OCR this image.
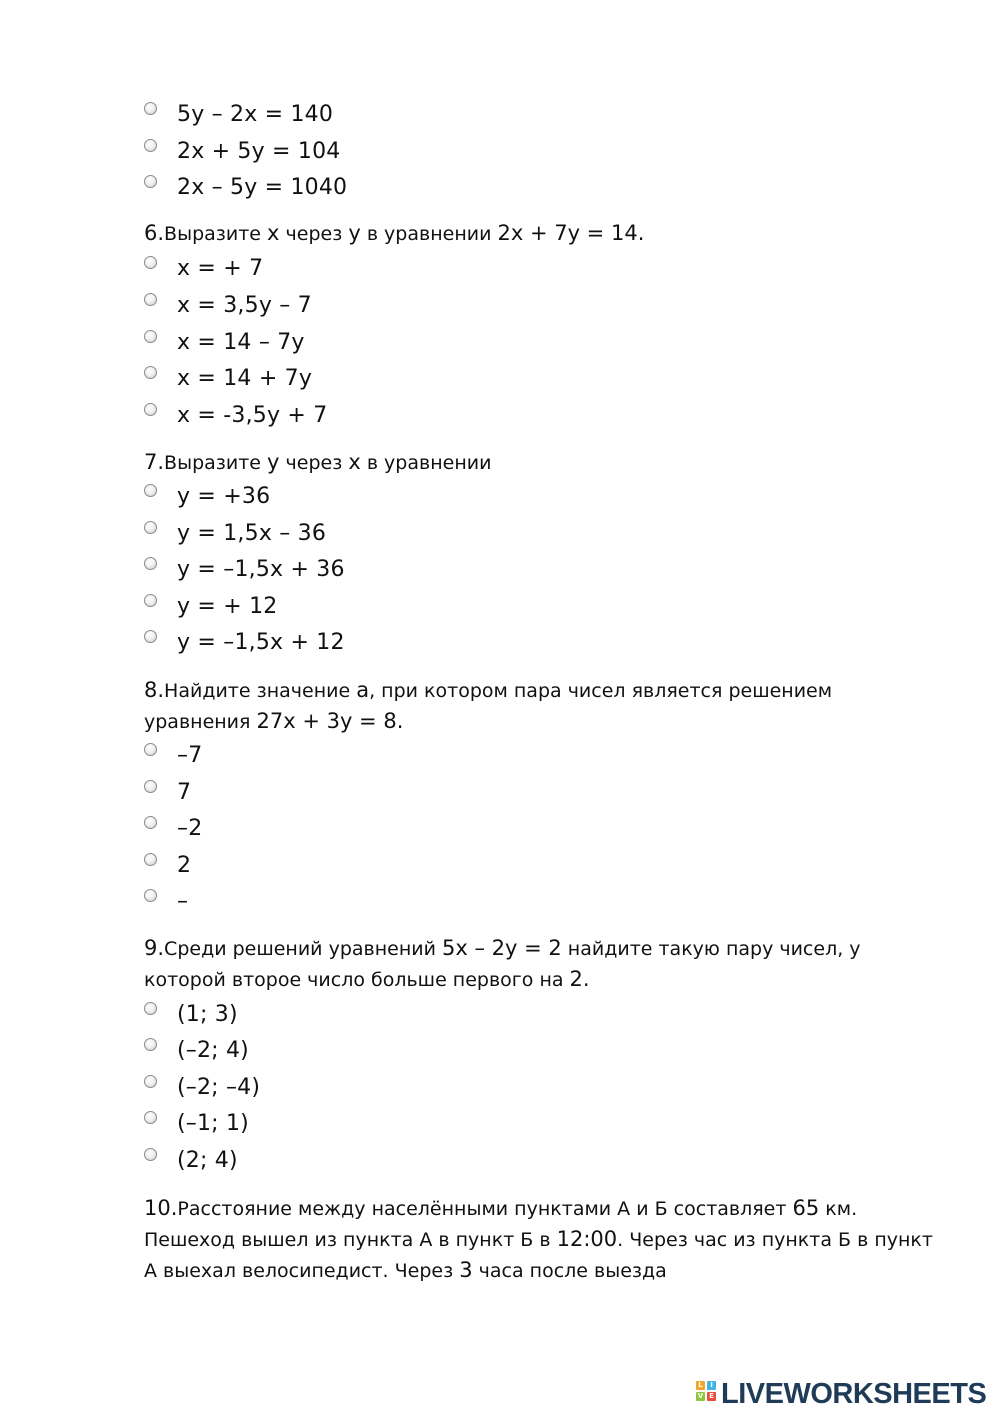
5y – 2x = 140
2x + 5y = 104
2x – 5y = 1040
6.Выразите x через y в уравнении 2x + 7y = 14.
x = + 7
x = 3,5y – 7
x = 14 – 7y
x = 14 + 7y
x = -3,5y + 7
7.Выразите y через x в уравнении
y = +36
y = 1,5x – 36
y = –1,5x + 36
y = + 12
y = –1,5x + 12
8.Найдите значение a, при котором пара чисел является решением уравнения 27x + 3y = 8.
–7
7
–2
2
–
9.Среди решений уравнений 5x – 2y = 2 найдите такую пару чисел, у которой второе число больше первого на 2.
(1; 3)
(–2; 4)
(–2; –4)
(–1; 1)
(2; 4)
10.Расстояние между населёнными пунктами А и Б составляет 65 км. Пешеход вышел из пункта А в пункт Б в 12:00. Через час из пункта Б в пункт А выехал велосипедист. Через 3 часа после выезда
L	I
V E LIVEWORKSHEETS
